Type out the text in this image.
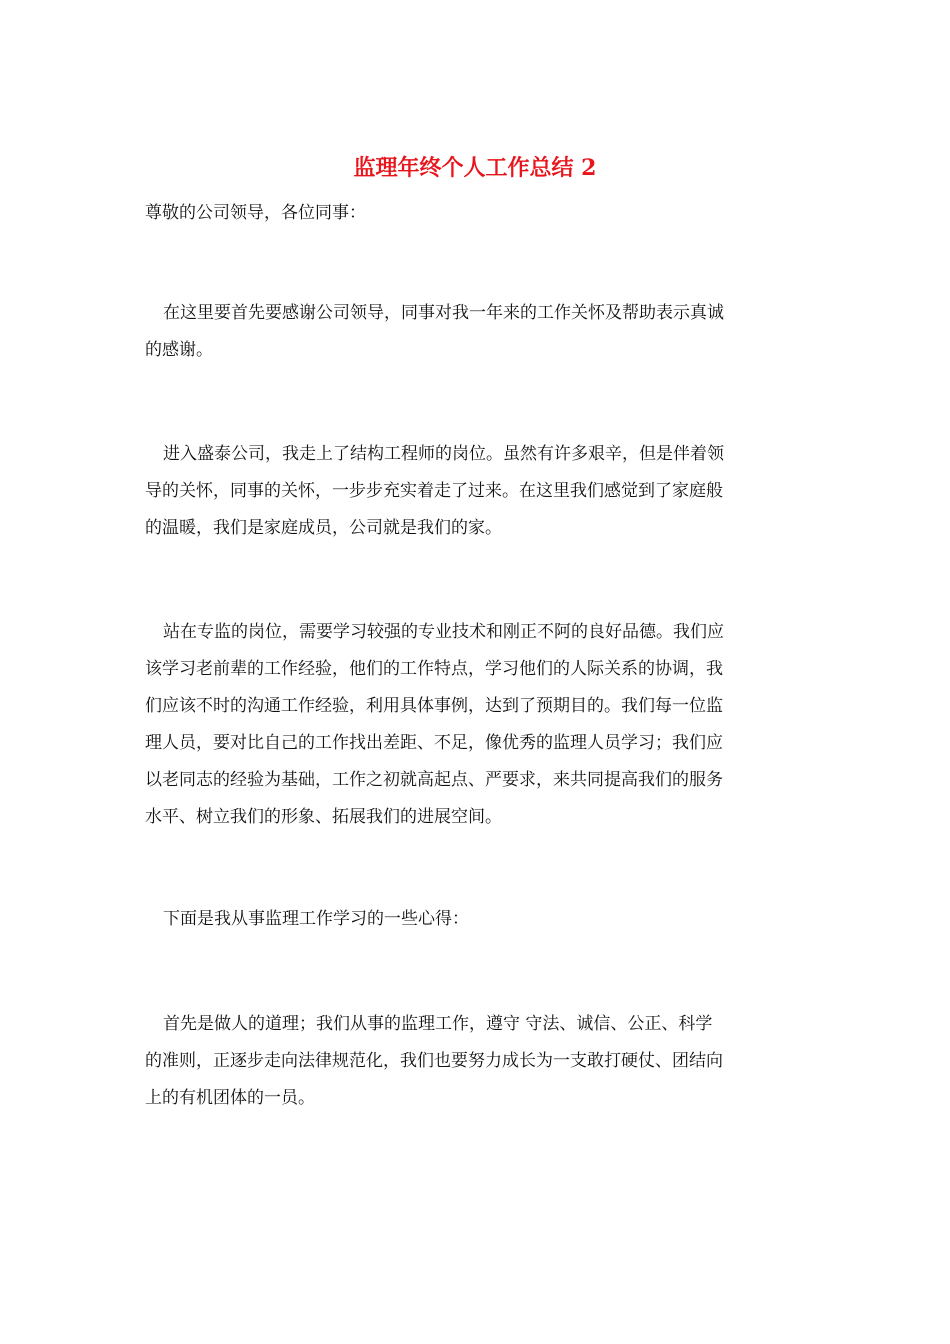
监理年终个人工作总结 2

尊敬的公司领导，各位同事：

在这里要首先要感谢公司领导，同事对我一年来的工作关怀及帮助表示真诚
的感谢。
进入盛泰公司，我走上了结构工程师的岗位。虽然有许多艰辛，但是伴着领
导的关怀，同事的关怀，一步步充实着走了过来。在这里我们感觉到了家庭般
的温暖，我们是家庭成员，公司就是我们的家。
站在专监的岗位，需要学习较强的专业技术和刚正不阿的良好品德。我们应
该学习老前辈的工作经验，他们的工作特点，学习他们的人际关系的协调，我
们应该不时的沟通工作经验，利用具体事例，达到了预期目的。我们每一位监
理人员，要对比自己的工作找出差距、不足，像优秀的监理人员学习；我们应
以老同志的经验为基础，工作之初就高起点、严要求，来共同提高我们的服务
水平、树立我们的形象、拓展我们的进展空间。
下面是我从事监理工作学习的一些心得：
首先是做人的道理；我们从事的监理工作，遵守 守法、诚信、公正、科学
的准则，正逐步走向法律规范化，我们也要努力成长为一支敢打硬仗、团结向
上的有机团体的一员。
